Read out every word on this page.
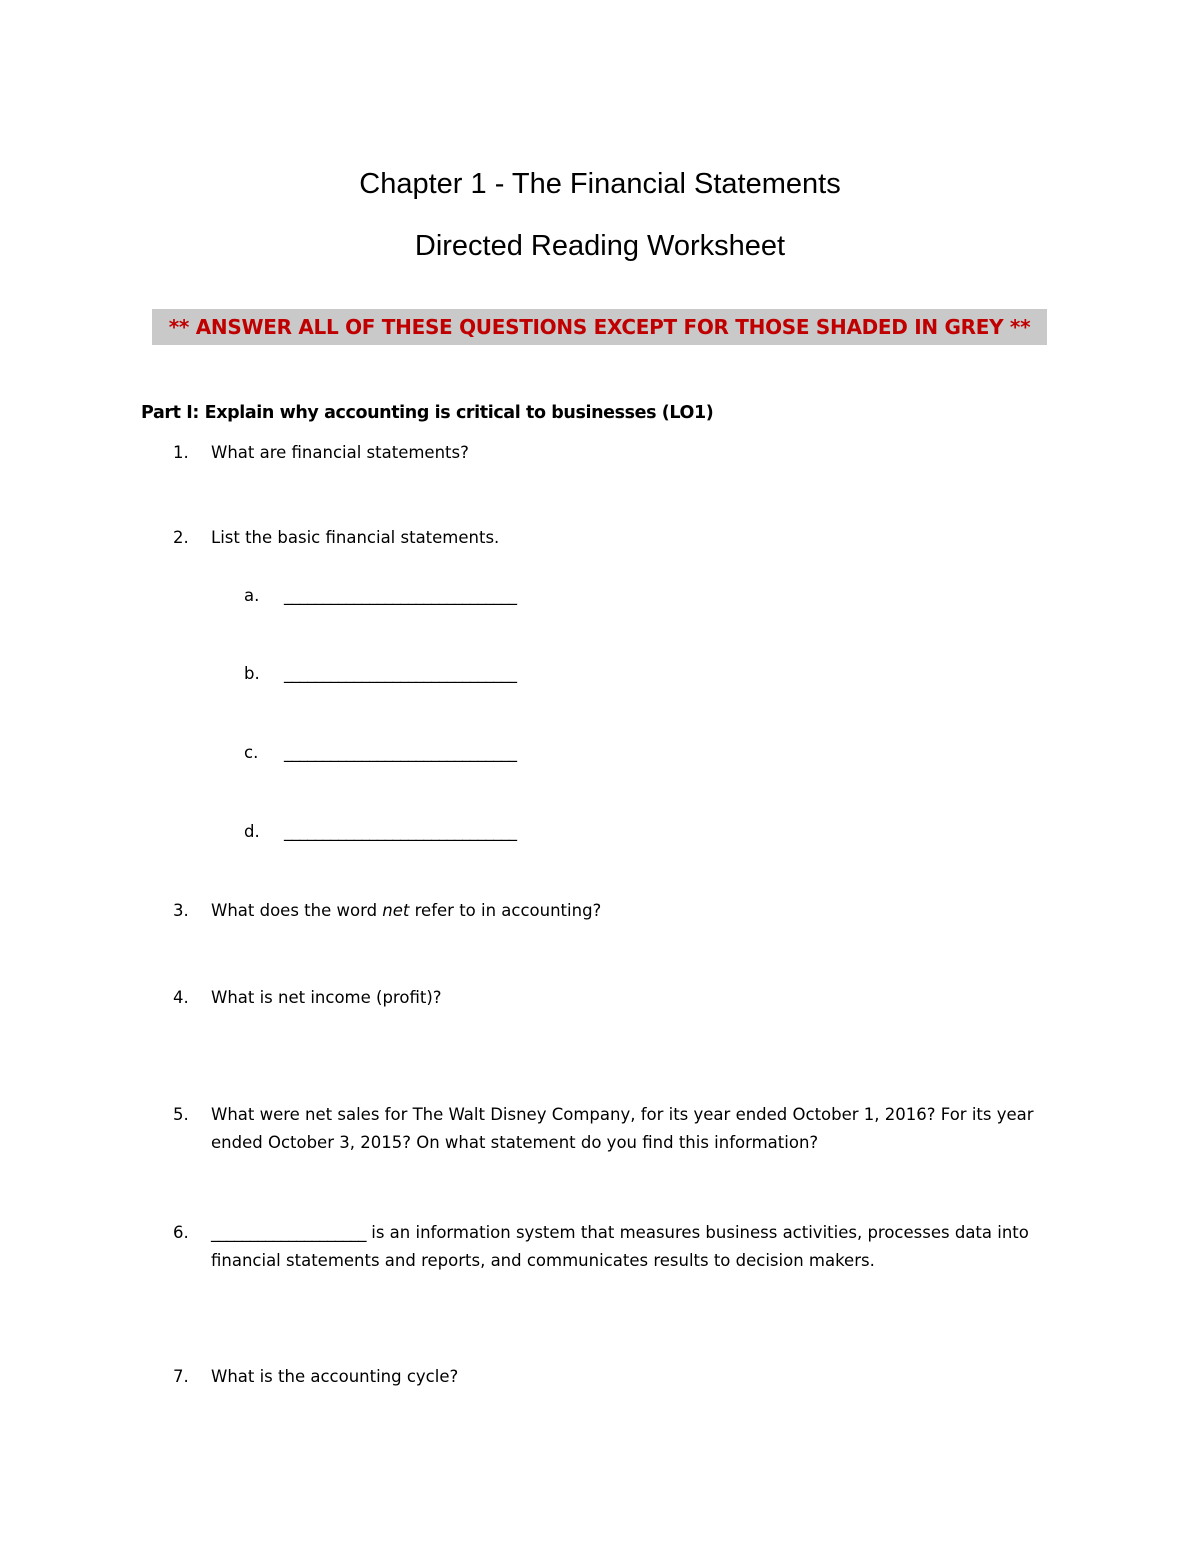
Chapter 1 - The Financial Statements
Directed Reading Worksheet
** ANSWER ALL OF THESE QUESTIONS EXCEPT FOR THOSE SHADED IN GREY **
Part I: Explain why accounting is critical to businesses (LO1)
1.	What are financial statements?
2.	List the basic financial statements.
a.	______________________________
b.	______________________________
c.	______________________________
d.	______________________________
3.	What does the word net refer to in accounting?
4.	What is net income (profit)?
5.	What were net sales for The Walt Disney Company, for its year ended October 1, 2016? For its year ended October 3, 2015? On what statement do you find this information?
6.	____________________ is an information system that measures business activities, processes data into financial statements and reports, and communicates results to decision makers.
7.	What is the accounting cycle?
